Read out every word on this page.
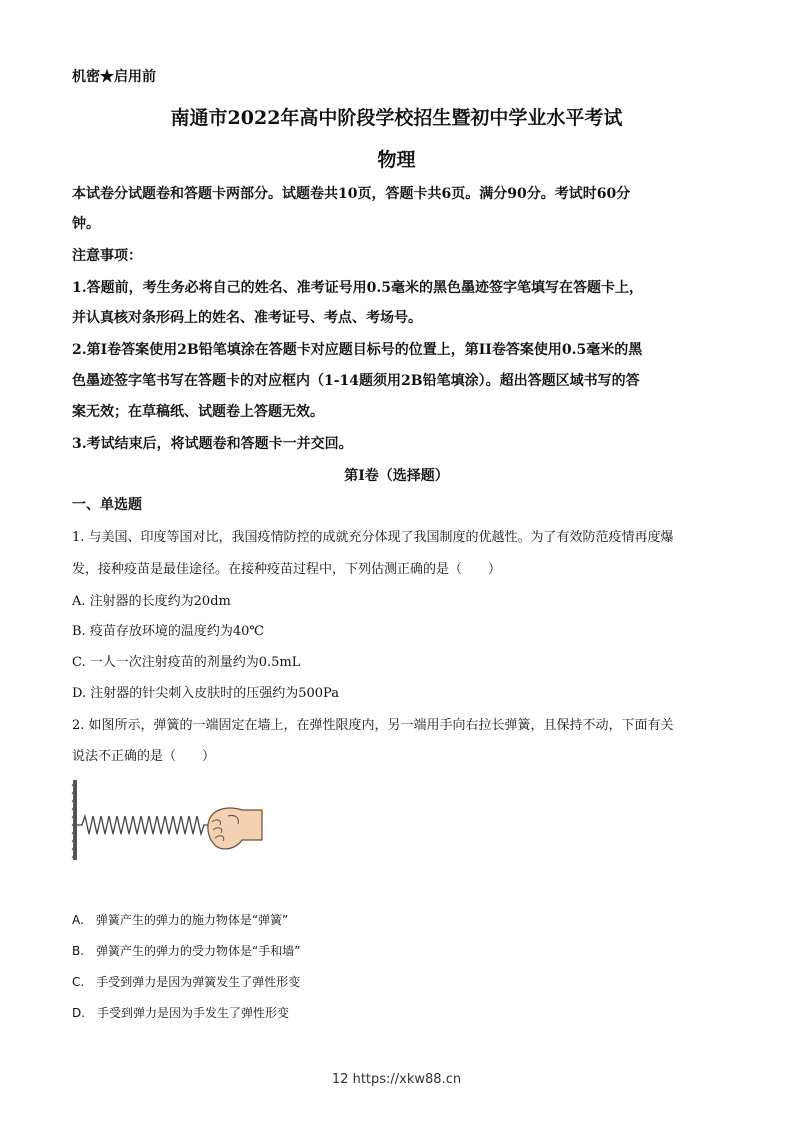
机密★启用前
南通市2022年高中阶段学校招生暨初中学业水平考试
物理
本试卷分试题卷和答题卡两部分。试题卷共10页，答题卡共6页。满分90分。考试时60分
钟。
注意事项：
1.答题前，考生务必将自己的姓名、准考证号用0.5毫米的黑色墨迹签字笔填写在答题卡上，
并认真核对条形码上的姓名、准考证号、考点、考场号。
2.第I卷答案使用2B铅笔填涂在答题卡对应题目标号的位置上，第II卷答案使用0.5毫米的黑
色墨迹签字笔书写在答题卡的对应框内（1-14题须用2B铅笔填涂）。超出答题区域书写的答
案无效；在草稿纸、试题卷上答题无效。
3.考试结束后，将试题卷和答题卡一并交回。
第I卷（选择题）
一、单选题
1. 与美国、印度等国对比，我国疫情防控的成就充分体现了我国制度的优越性。为了有效防范疫情再度爆
发，接种疫苗是最佳途径。在接种疫苗过程中，下列估测正确的是（　　）
A. 注射器的长度约为20dm
B. 疫苗存放环境的温度约为40℃
C. 一人一次注射疫苗的剂量约为0.5mL
D. 注射器的针尖刺入皮肤时的压强约为500Pa
2. 如图所示，弹簧的一端固定在墙上，在弹性限度内，另一端用手向右拉长弹簧，且保持不动，下面有关
说法不正确的是（　　）
A.　弹簧产生的弹力的施力物体是“弹簧”
B.　弹簧产生的弹力的受力物体是“手和墙”
C.　手受到弹力是因为弹簧发生了弹性形变
D.　手受到弹力是因为手发生了弹性形变
12 https://xkw88.cn
